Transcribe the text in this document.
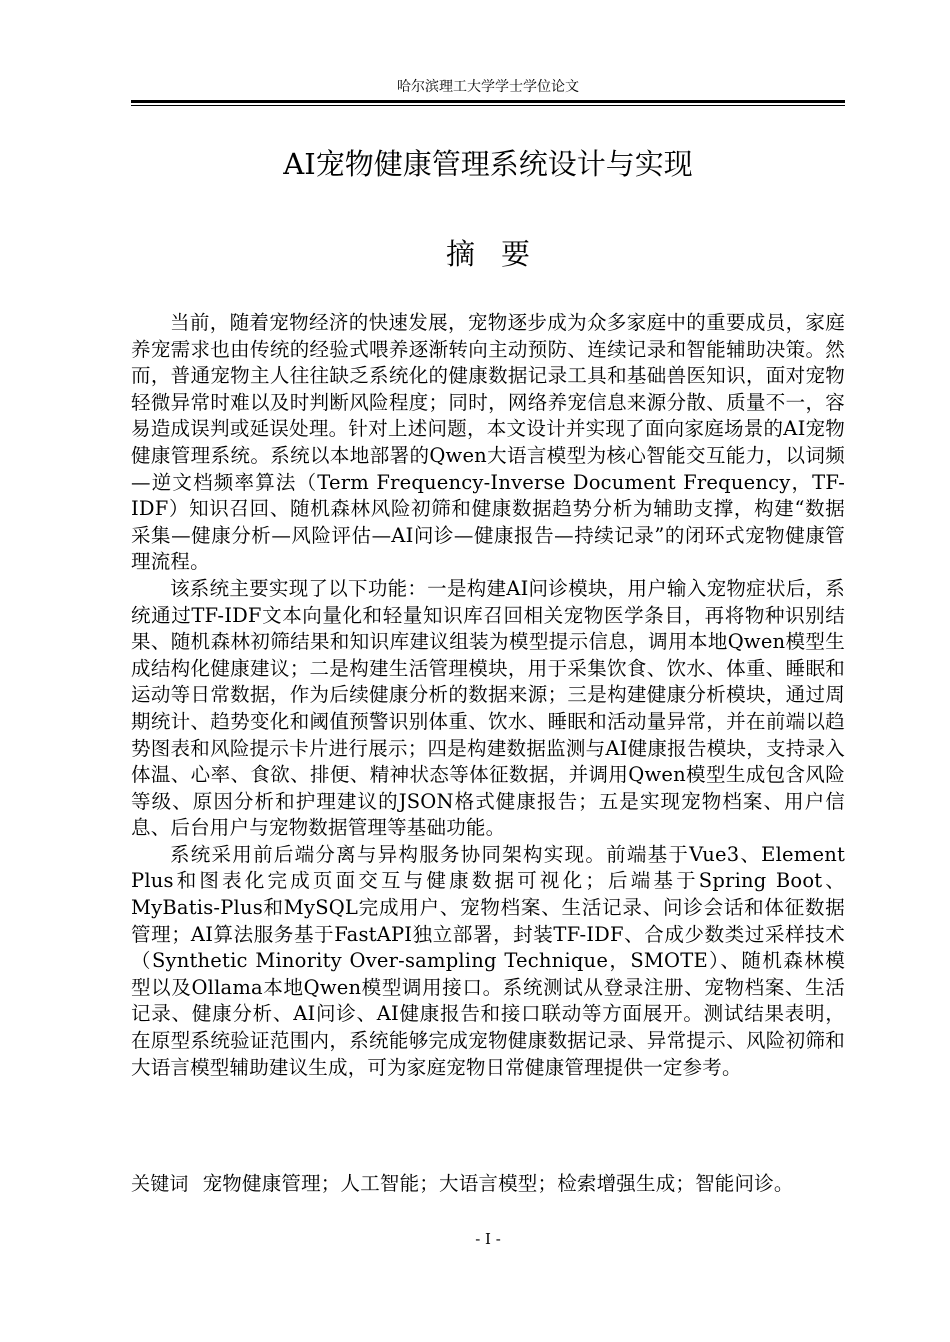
哈尔滨理工大学学士学位论文
AI宠物健康管理系统设计与实现
摘要

当前，随着宠物经济的快速发展，宠物逐步成为众多家庭中的重要成员，家庭养宠需求也由传统的经验式喂养逐渐转向主动预防、连续记录和智能辅助决策。然而，普通宠物主人往往缺乏系统化的健康数据记录工具和基础兽医知识，面对宠物轻微异常时难以及时判断风险程度；同时，网络养宠信息来源分散、质量不一，容易造成误判或延误处理。针对上述问题，本文设计并实现了面向家庭场景的AI宠物健康管理系统。系统以本地部署的Qwen大语言模型为核心智能交互能力，以词频—逆文档频率算法（Term Frequency-Inverse Document Frequency，TF-IDF）知识召回、随机森林风险初筛和健康数据趋势分析为辅助支撑，构建“数据采集—健康分析—风险评估—AI问诊—健康报告—持续记录”的闭环式宠物健康管理流程。

该系统主要实现了以下功能：一是构建AI问诊模块，用户输入宠物症状后，系统通过TF-IDF文本向量化和轻量知识库召回相关宠物医学条目，再将物种识别结果、随机森林初筛结果和知识库建议组装为模型提示信息，调用本地Qwen模型生成结构化健康建议；二是构建生活管理模块，用于采集饮食、饮水、体重、睡眠和运动等日常数据，作为后续健康分析的数据来源；三是构建健康分析模块，通过周期统计、趋势变化和阈值预警识别体重、饮水、睡眠和活动量异常，并在前端以趋势图表和风险提示卡片进行展示；四是构建数据监测与AI健康报告模块，支持录入体温、心率、食欲、排便、精神状态等体征数据，并调用Qwen模型生成包含风险等级、原因分析和护理建议的JSON格式健康报告；五是实现宠物档案、用户信息、后台用户与宠物数据管理等基础功能。

系统采用前后端分离与异构服务协同架构实现。前端基于Vue3、Element Plus和图表化完成页面交互与健康数据可视化；后端基于Spring Boot、MyBatis-Plus和MySQL完成用户、宠物档案、生活记录、问诊会话和体征数据管理；AI算法服务基于FastAPI独立部署，封装TF-IDF、合成少数类过采样技术（Synthetic Minority Over-sampling Technique，SMOTE）、随机森林模型以及Ollama本地Qwen模型调用接口。系统测试从登录注册、宠物档案、生活记录、健康分析、AI问诊、AI健康报告和接口联动等方面展开。测试结果表明，在原型系统验证范围内，系统能够完成宠物健康数据记录、异常提示、风险初筛和大语言模型辅助建议生成，可为家庭宠物日常健康管理提供一定参考。

关键词 宠物健康管理；人工智能；大语言模型；检索增强生成；智能问诊。

- I -
